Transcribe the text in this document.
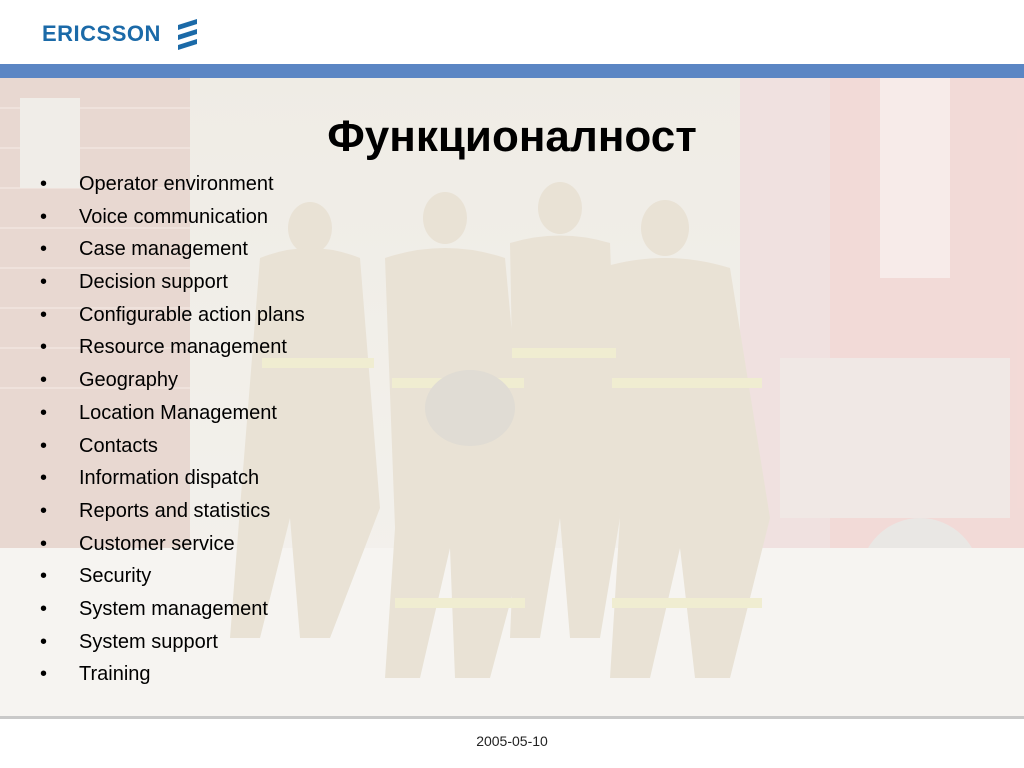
ERICSSON
2005-05-10
Функционалност
• Operator environment
• Voice communication
• Case management
• Decision support
• Configurable action plans
• Resource management
• Geography
• Location Management
• Contacts
• Information dispatch
• Reports and statistics
• Customer service
• Security
• System management
• System support
• Training
